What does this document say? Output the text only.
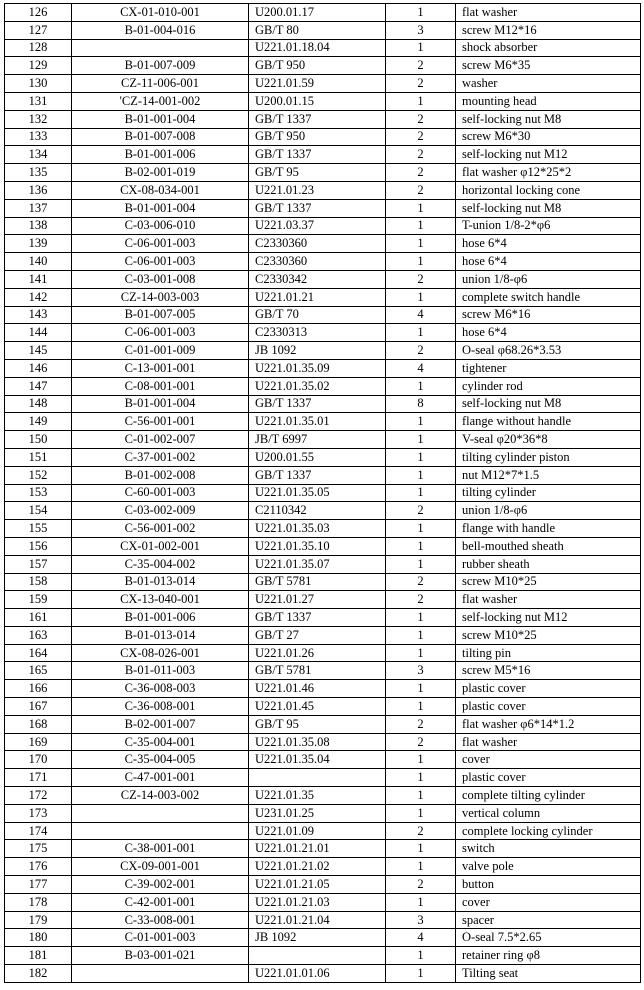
126	CX-01-010-001	U200.01.17	1	flat washer
127	B-01-004-016	GB/T 80	3	screw M12*16
128		U221.01.18.04	1	shock absorber
129	B-01-007-009	GB/T 950	2	screw M6*35
130	CZ-11-006-001	U221.01.59	2	washer
131	'CZ-14-001-002	U200.01.15	1	mounting head
132	B-01-001-004	GB/T 1337	2	self-locking nut M8
133	B-01-007-008	GB/T 950	2	screw M6*30
134	B-01-001-006	GB/T 1337	2	self-locking nut M12
135	B-02-001-019	GB/T 95	2	flat washer φ12*25*2
136	CX-08-034-001	U221.01.23	2	horizontal locking cone
137	B-01-001-004	GB/T 1337	1	self-locking nut M8
138	C-03-006-010	U221.03.37	1	T-union 1/8-2*φ6
139	C-06-001-003	C2330360	1	hose 6*4
140	C-06-001-003	C2330360	1	hose 6*4
141	C-03-001-008	C2330342	2	union 1/8-φ6
142	CZ-14-003-003	U221.01.21	1	complete switch handle
143	B-01-007-005	GB/T 70	4	screw M6*16
144	C-06-001-003	C2330313	1	hose 6*4
145	C-01-001-009	JB 1092	2	O-seal φ68.26*3.53
146	C-13-001-001	U221.01.35.09	4	tightener
147	C-08-001-001	U221.01.35.02	1	cylinder rod
148	B-01-001-004	GB/T 1337	8	self-locking nut M8
149	C-56-001-001	U221.01.35.01	1	flange without handle
150	C-01-002-007	JB/T 6997	1	V-seal φ20*36*8
151	C-37-001-002	U200.01.55	1	tilting cylinder piston
152	B-01-002-008	GB/T 1337	1	nut M12*7*1.5
153	C-60-001-003	U221.01.35.05	1	tilting cylinder
154	C-03-002-009	C2110342	2	union 1/8-φ6
155	C-56-001-002	U221.01.35.03	1	flange with handle
156	CX-01-002-001	U221.01.35.10	1	bell-mouthed sheath
157	C-35-004-002	U221.01.35.07	1	rubber sheath
158	B-01-013-014	GB/T 5781	2	screw M10*25
159	CX-13-040-001	U221.01.27	2	flat washer
161	B-01-001-006	GB/T 1337	1	self-locking nut M12
163	B-01-013-014	GB/T 27	1	screw M10*25
164	CX-08-026-001	U221.01.26	1	tilting pin
165	B-01-011-003	GB/T 5781	3	screw M5*16
166	C-36-008-003	U221.01.46	1	plastic cover
167	C-36-008-001	U221.01.45	1	plastic cover
168	B-02-001-007	GB/T 95	2	flat washer φ6*14*1.2
169	C-35-004-001	U221.01.35.08	2	flat washer
170	C-35-004-005	U221.01.35.04	1	cover
171	C-47-001-001		1	plastic cover
172	CZ-14-003-002	U221.01.35	1	complete tilting cylinder
173		U231.01.25	1	vertical column
174		U221.01.09	2	complete locking cylinder
175	C-38-001-001	U221.01.21.01	1	switch
176	CX-09-001-001	U221.01.21.02	1	valve pole
177	C-39-002-001	U221.01.21.05	2	button
178	C-42-001-001	U221.01.21.03	1	cover
179	C-33-008-001	U221.01.21.04	3	spacer
180	C-01-001-003	JB 1092	4	O-seal 7.5*2.65
181	B-03-001-021		1	retainer ring φ8
182		U221.01.01.06	1	Tilting seat
